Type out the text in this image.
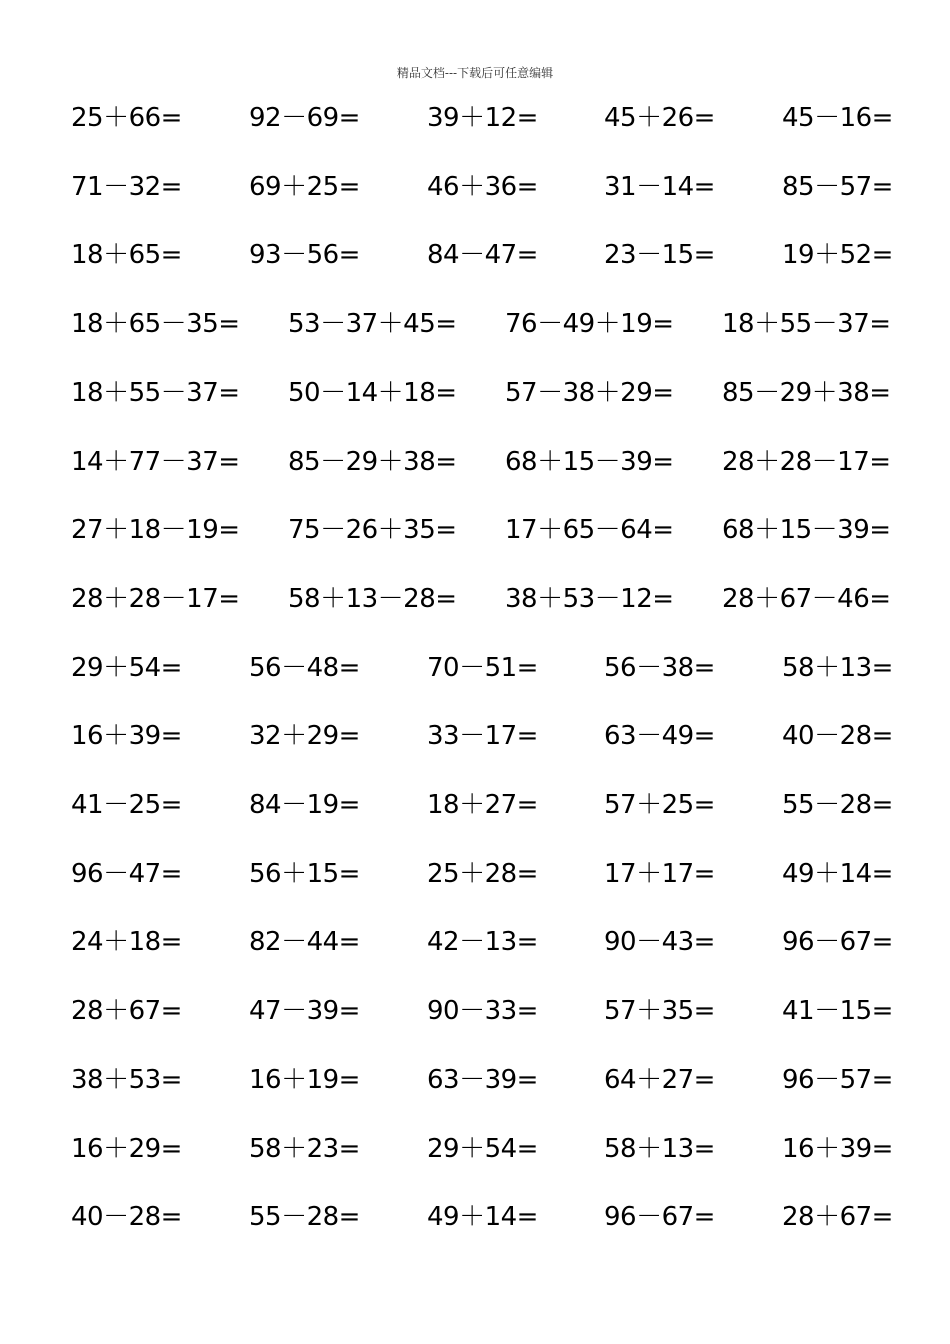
精品文档---下载后可任意编辑
25＋66=	92－69=	39＋12=	45＋26=	45－16=
71－32=	69＋25=	46＋36=	31－14=	85－57=
18＋65=	93－56=	84－47=	23－15=	19＋52=
18＋65－35= 53－37＋45= 76－49＋19= 18＋55－37=
18＋55－37= 50－14＋18= 57－38＋29= 85－29＋38=
14＋77－37= 85－29＋38= 68＋15－39= 28＋28－17=
27＋18－19= 75－26＋35= 17＋65－64= 68＋15－39=
28＋28－17= 58＋13－28= 38＋53－12= 28＋67－46=
29＋54=	56－48=	70－51=	56－38=	58＋13=
16＋39=	32＋29=	33－17=	63－49=	40－28=
41－25=	84－19=	18＋27=	57＋25=	55－28=
96－47=	56＋15=	25＋28=	17＋17=	49＋14=
24＋18=	82－44=	42－13=	90－43=	96－67=
28＋67=	47－39=	90－33=	57＋35=	41－15=
38＋53=	16＋19=	63－39=	64＋27=	96－57=
16＋29=	58＋23=	29＋54=	58＋13=	16＋39=
40－28=	55－28=	49＋14=	96－67=	28＋67=
